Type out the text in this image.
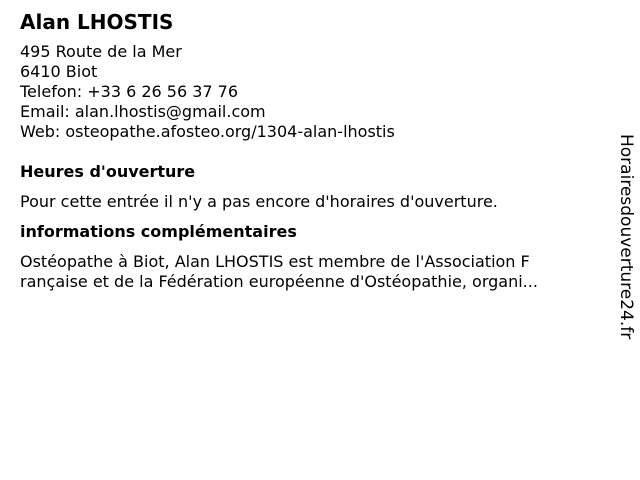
Alan LHOSTIS
495 Route de la Mer
6410 Biot
Telefon: +33 6 26 56 37 76
Email: alan.lhostis@gmail.com
Web: osteopathe.afosteo.org/1304-alan-lhostis
Heures d'ouverture
Pour cette entrée il n'y a pas encore d'horaires d'ouverture.
informations complémentaires
Ostéopathe à Biot, Alan LHOSTIS est membre de l'Association F
rançaise et de la Fédération européenne d'Ostéopathie, organi...	Horairesdouverture24.fr
